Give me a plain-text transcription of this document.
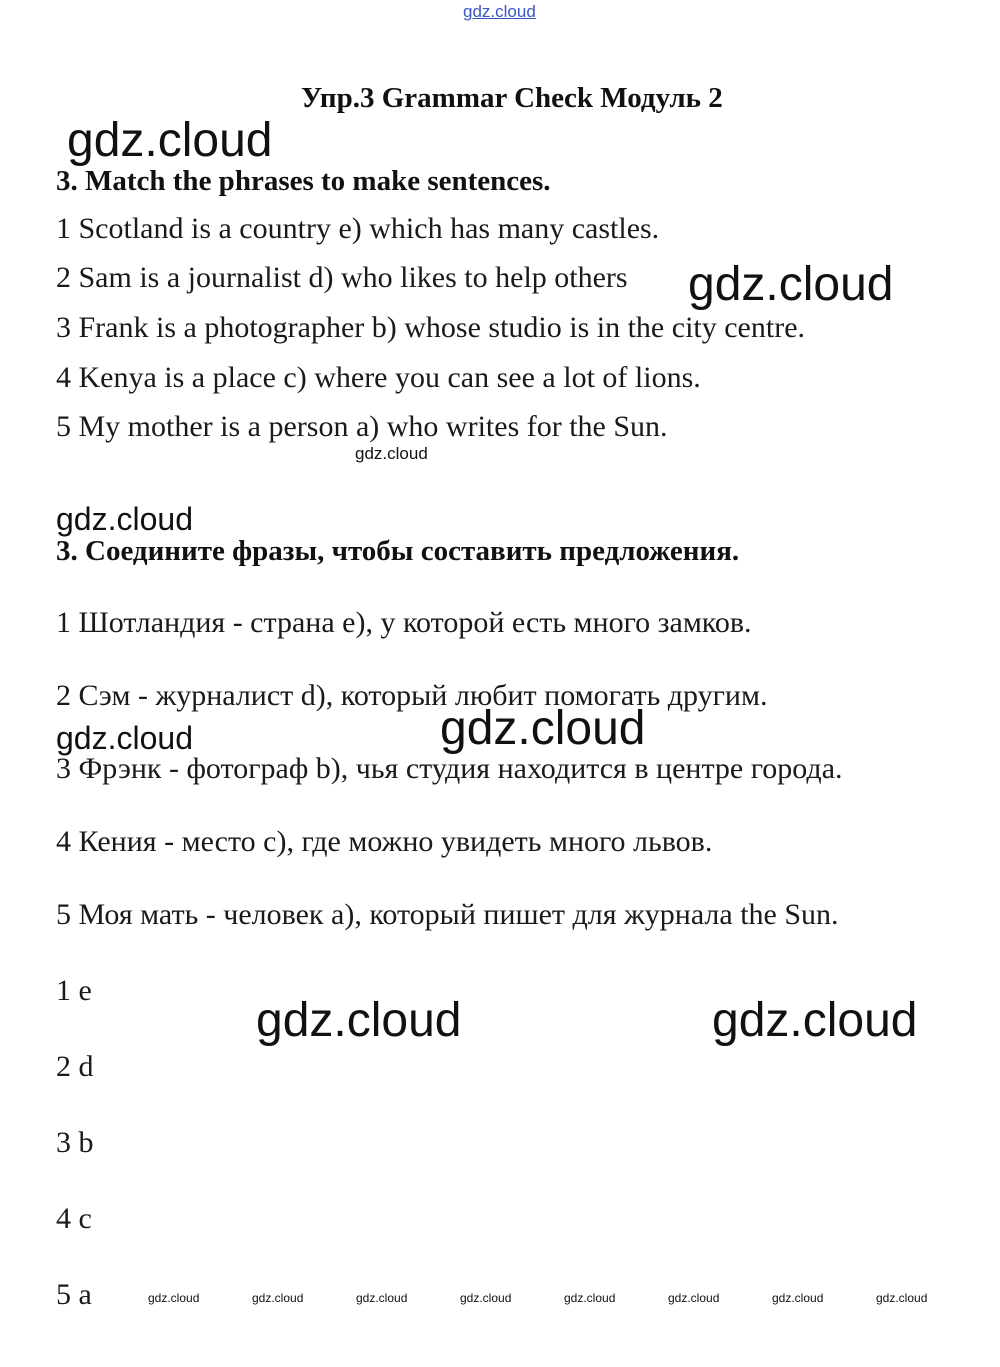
gdz.cloud
Упр.3 Grammar Check Модуль 2
3. Match the phrases to make sentences.
1 Scotland is a country e) which has many castles.
2 Sam is a journalist d) who likes to help others
3 Frank is a photographer b) whose studio is in the city centre.
4 Kenya is a place c) where you can see a lot of lions.
5 My mother is a person a) who writes for the Sun.
3. Соедините фразы, чтобы составить предложения.
1 Шотландия - страна e), у которой есть много замков.
2 Сэм - журналист d), который любит помогать другим.
3 Фрэнк - фотограф b), чья студия находится в центре города.
4 Кения - место c), где можно увидеть много львов.
5 Моя мать - человек a), который пишет для журнала the Sun.
1 e
2 d
3 b
4 c
5 a
gdz.cloud
gdz.cloud
gdz.cloud
gdz.cloud	gdz.cloud
gdz.cloud
gdz.cloud
gdz.cloud
gdz.cloud	gdz.cloud	gdz.cloud	gdz.cloud	gdz.cloud	gdz.cloud	gdz.cloud	gdz.cloud
